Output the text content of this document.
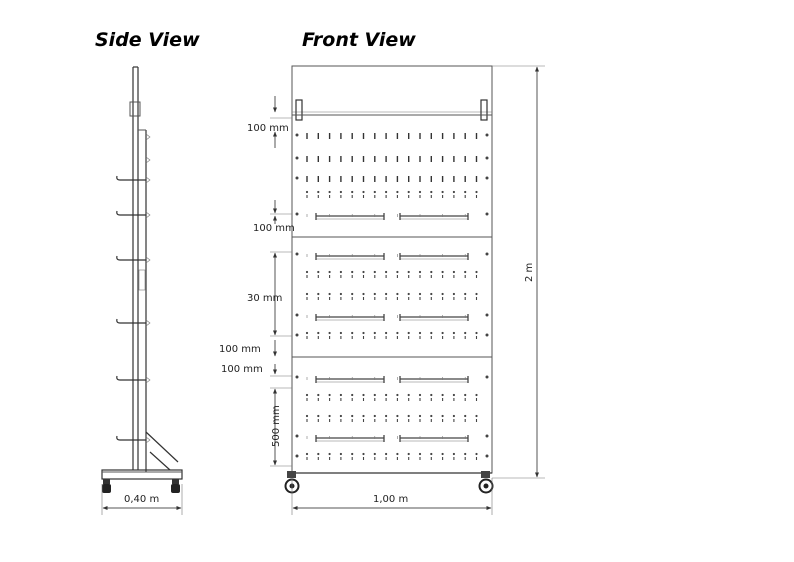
Side View	Front View
0,40 m
100 mm
100 mm
30 mm
100 mm
100 mm
500 mm
2 m
1,00 m
